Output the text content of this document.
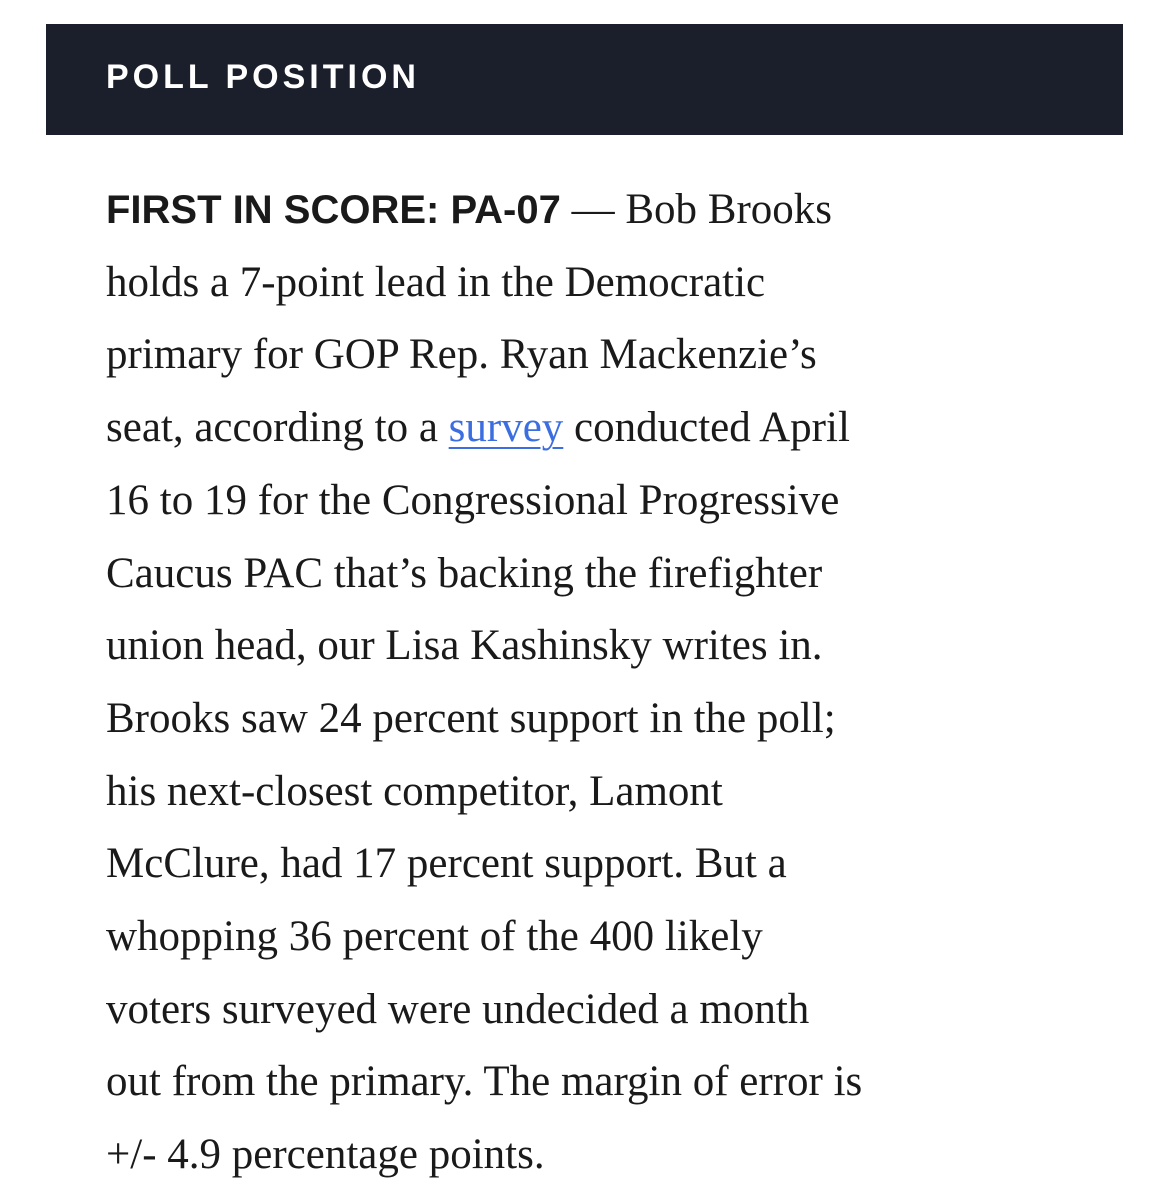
POLL POSITION

FIRST IN SCORE: PA-07 — Bob Brooks
holds a 7-point lead in the Democratic
primary for GOP Rep. Ryan Mackenzie’s
seat, according to a survey conducted April
16 to 19 for the Congressional Progressive
Caucus PAC that’s backing the firefighter
union head, our Lisa Kashinsky writes in.
Brooks saw 24 percent support in the poll;
his next-closest competitor, Lamont
McClure, had 17 percent support. But a
whopping 36 percent of the 400 likely
voters surveyed were undecided a month
out from the primary. The margin of error is
+/- 4.9 percentage points.
